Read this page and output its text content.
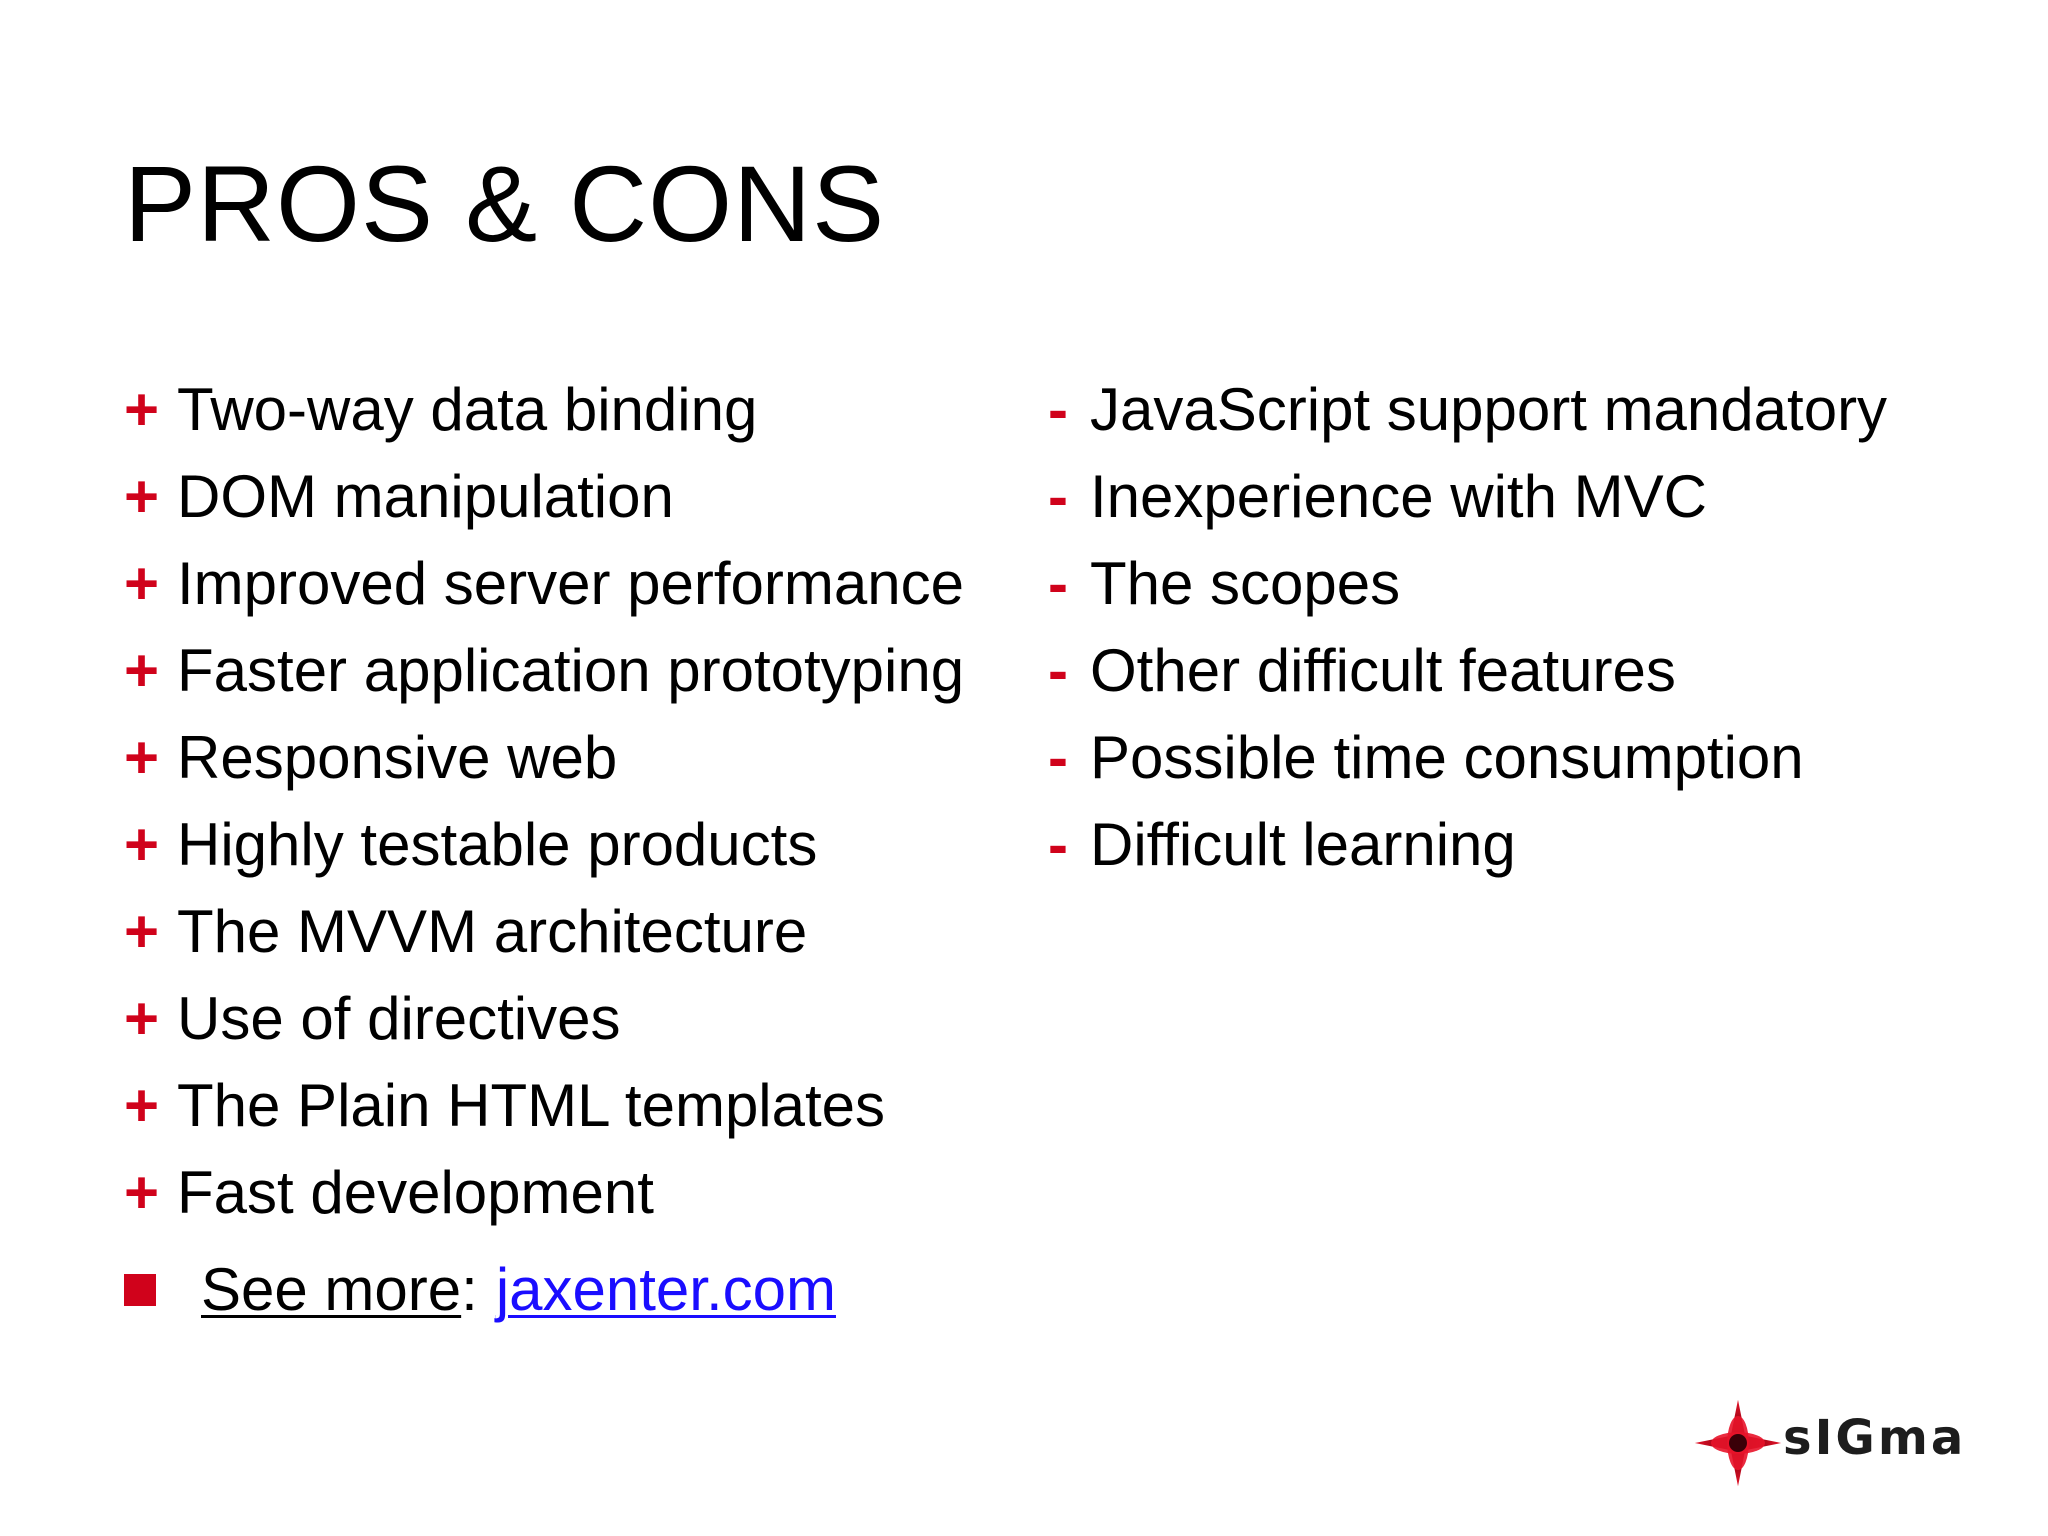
PROS & CONS
+ Two-way data binding
+ DOM manipulation
+ Improved server performance
+ Faster application prototyping
+ Responsive web
+ Highly testable products
+ The MVVM architecture
+ Use of directives
+ The Plain HTML templates
+ Fast development
- JavaScript support mandatory
- Inexperience with MVC
- The scopes
- Other difficult features
- Possible time consumption
- Difficult learning
See more : jaxenter.com
sIGma
